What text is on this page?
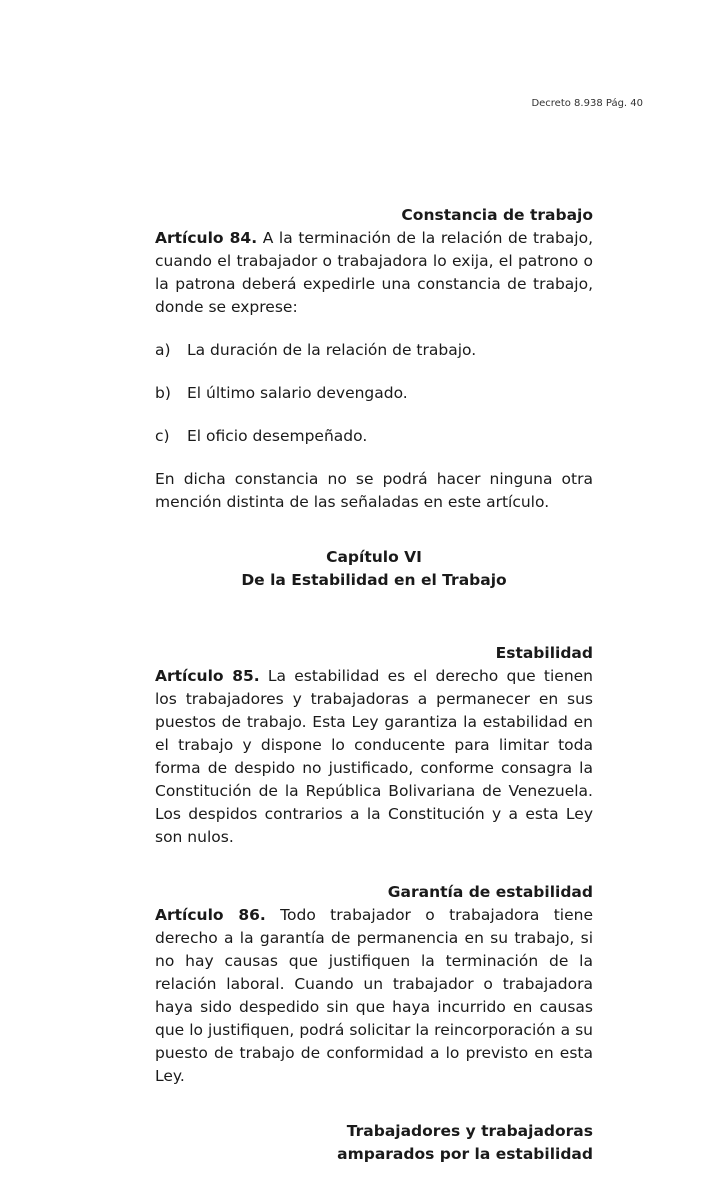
Decreto 8.938 Pág. 40

Constancia de trabajo

Artículo 84. A la terminación de la relación de trabajo, cuando el trabajador o trabajadora lo exija, el patrono o la patrona deberá expedirle una constancia de trabajo, donde se exprese:

a)	La duración de la relación de trabajo.
b)	El último salario devengado.
c)	El oficio desempeñado.

En dicha constancia no se podrá hacer ninguna otra mención distinta de las señaladas en este artículo.

Capítulo VI

De la Estabilidad en el Trabajo

Estabilidad

Artículo 85. La estabilidad es el derecho que tienen los trabajadores y trabajadoras a permanecer en sus puestos de trabajo. Esta Ley garantiza la estabilidad en el trabajo y dispone lo conducente para limitar toda forma de despido no justificado, conforme consagra la Constitución de la República Bolivariana de Venezuela. Los despidos contrarios a la Constitución y a esta Ley son nulos.

Garantía de estabilidad

Artículo 86. Todo trabajador o trabajadora tiene derecho a la garantía de permanencia en su trabajo, si no hay causas que justifiquen la terminación de la relación laboral. Cuando un trabajador o trabajadora haya sido despedido sin que haya incurrido en causas que lo justifiquen, podrá solicitar la reincorporación a su puesto de trabajo de conformidad a lo previsto en esta Ley.

Trabajadores y trabajadoras

amparados por la estabilidad
